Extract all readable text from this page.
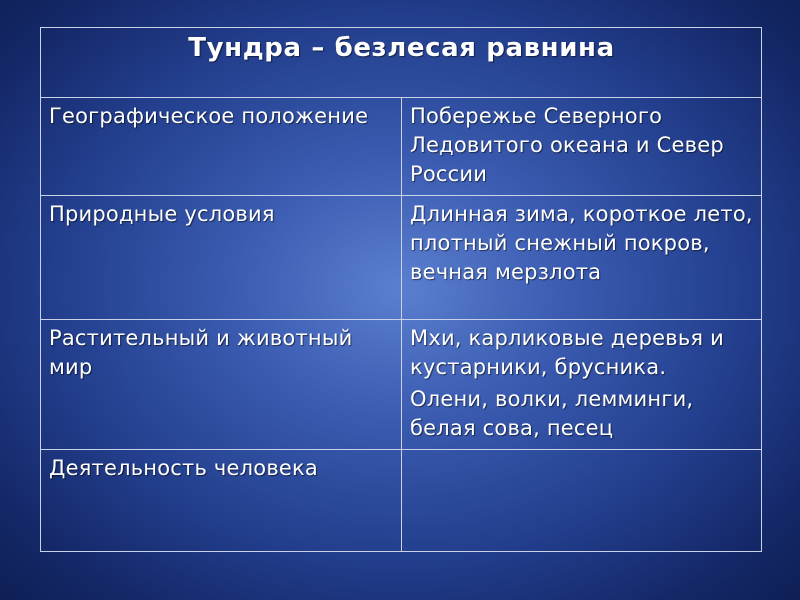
Тундра – безлесая равнина	
Географическое положение	Побережье Северного Ледовитого океана и Север России

Природные условия	Длинная зима, короткое лето, плотный снежный покров, вечная мерзлота

Растительный и животный мир	Мхи, карликовые деревья и кустарники, брусника.
Олени, волки, лемминги, белая сова, песец

Деятельность человека	
